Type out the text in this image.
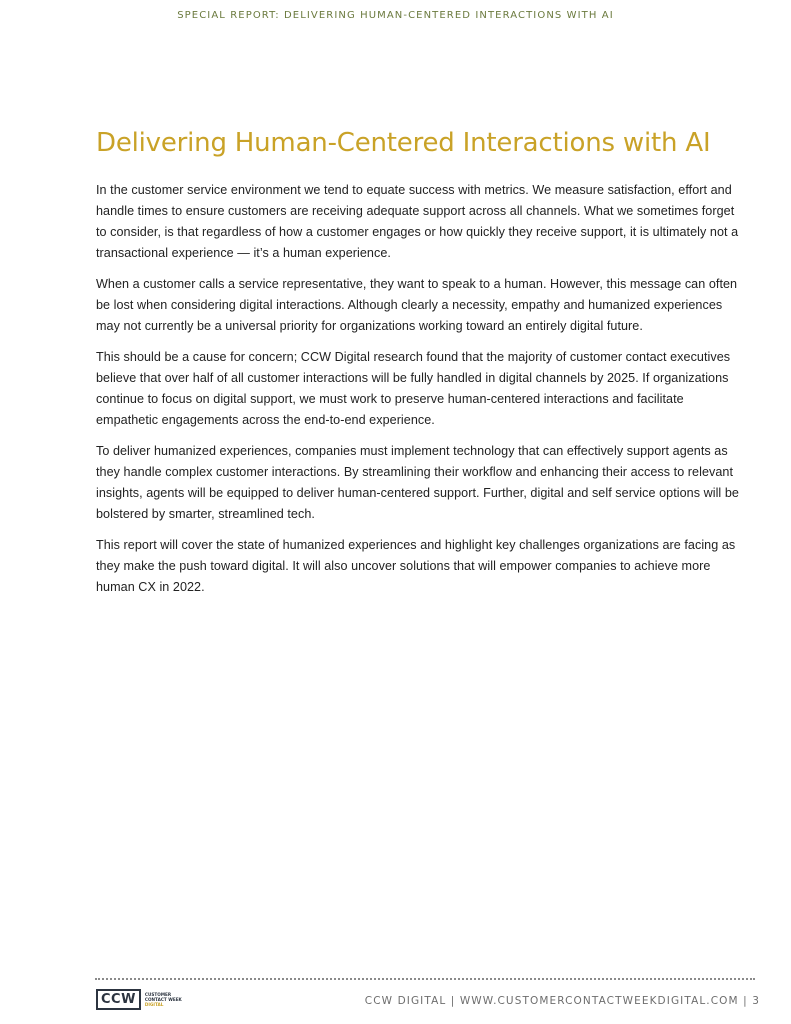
SPECIAL REPORT: DELIVERING HUMAN-CENTERED INTERACTIONS WITH AI
Delivering Human-Centered Interactions with AI

In the customer service environment we tend to equate success with metrics. We measure satisfaction, effort and handle times to ensure customers are receiving adequate support across all channels. What we sometimes forget to consider, is that regardless of how a customer engages or how quickly they receive support, it is ultimately not a transactional experience — it’s a human experience.

When a customer calls a service representative, they want to speak to a human. However, this message can often be lost when considering digital interactions. Although clearly a necessity, empathy and humanized experiences may not currently be a universal priority for organizations working toward an entirely digital future.

This should be a cause for concern; CCW Digital research found that the majority of customer contact executives believe that over half of all customer interactions will be fully handled in digital channels by 2025. If organizations continue to focus on digital support, we must work to preserve human-centered interactions and facilitate empathetic engagements across the end-to-end experience.

To deliver humanized experiences, companies must implement technology that can effectively support agents as they handle complex customer interactions. By streamlining their workflow and enhancing their access to relevant insights, agents will be equipped to deliver human-centered support. Further, digital and self service options will be bolstered by smarter, streamlined tech.

This report will cover the state of humanized experiences and highlight key challenges organizations are facing as they make the push toward digital. It will also uncover solutions that will empower companies to achieve more human CX in 2022.

CCW	CUSTOMER
CONTACT WEEK
DIGITAL	CCW DIGITAL | WWW.CUSTOMERCONTACTWEEKDIGITAL.COM | 3
